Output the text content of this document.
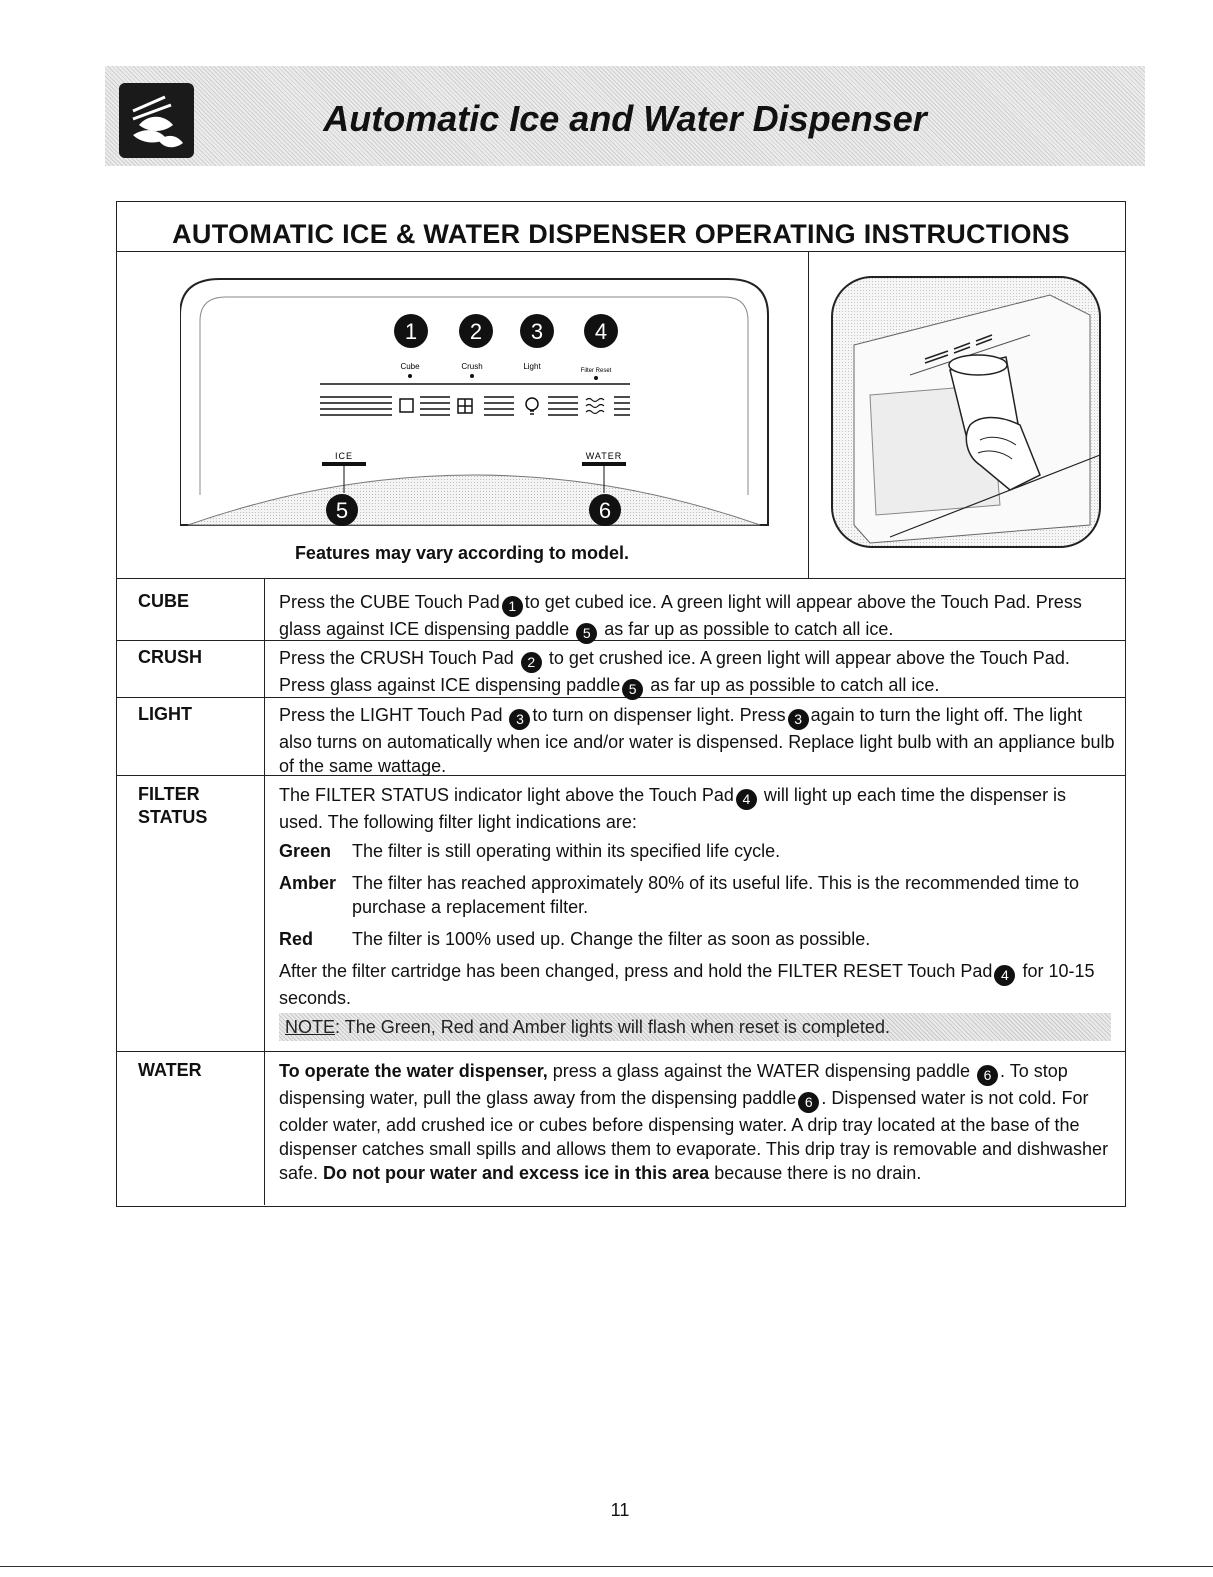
Automatic Ice and Water Dispenser
AUTOMATIC ICE & WATER DISPENSER OPERATING INSTRUCTIONS
1 2 3 4
Cube	Crush	Light	Filter Reset
ICE	WATER
5	6
Features may vary according to model.
CUBE	Press the CUBE Touch Pad 1 to get cubed ice. A green light will appear above the Touch Pad. Press glass against ICE dispensing paddle 5 as far up as possible to catch all ice.

CRUSH	Press the CRUSH Touch Pad 2 to get crushed ice. A green light will appear above the Touch Pad. Press glass against ICE dispensing paddle 5 as far up as possible to catch all ice.

LIGHT	Press the LIGHT Touch Pad 3 to turn on dispenser light. Press 3 again to turn the light off. The light also turns on automatically when ice and/or water is dispensed. Replace light bulb with an appliance bulb of the same wattage.

FILTER
STATUS

The FILTER STATUS indicator light above the Touch Pad 4 will light up each time the dispenser is used. The following filter light indications are:

Green The filter is still operating within its specified life cycle.
Amber The filter has reached approximately 80% of its useful life. This is the recommended time to purchase a replacement filter.
Red The filter is 100% used up. Change the filter as soon as possible.

After the filter cartridge has been changed, press and hold the FILTER RESET Touch Pad 4 for 10-15 seconds.

NOTE: The Green, Red and Amber lights will flash when reset is completed.
WATER	To operate the water dispenser, press a glass against the WATER dispensing paddle 6 . To stop dispensing water, pull the glass away from the dispensing paddle 6 . Dispensed water is not cold. For colder water, add crushed ice or cubes before dispensing water. A drip tray located at the base of the dispenser catches small spills and allows them to evaporate. This drip tray is removable and dishwasher safe. Do not pour water and excess ice in this area because there is no drain.

11
